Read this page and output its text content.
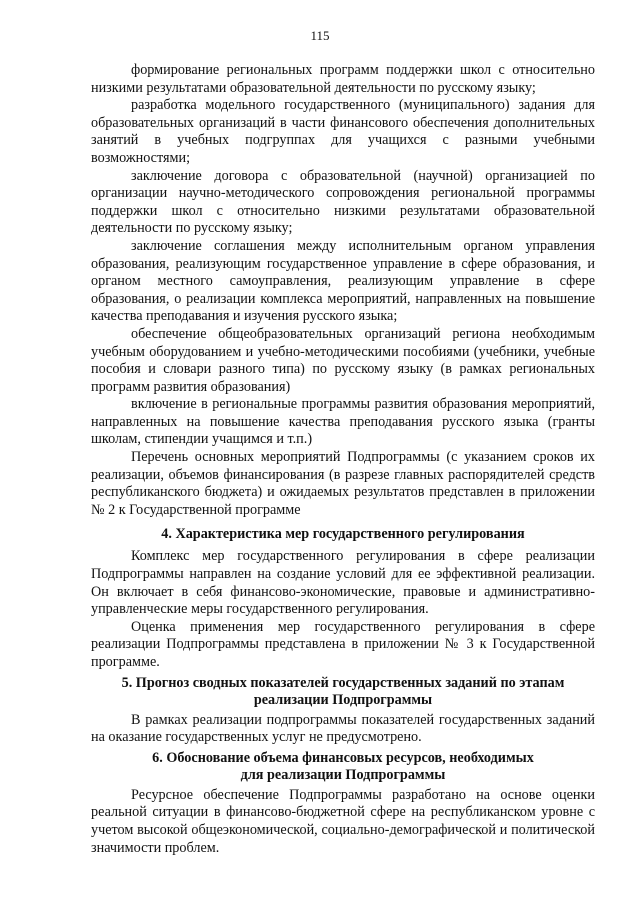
115

формирование региональных программ поддержки школ с относительно низкими результатами образовательной деятельности по русскому языку;

разработка модельного государственного (муниципального) задания для образовательных организаций в части финансового обеспечения дополнительных занятий в учебных подгруппах для учащихся с разными учебными возможностями;

заключение договора с образовательной (научной) организацией по организации научно-методического сопровождения региональной программы поддержки школ с относительно низкими результатами образовательной деятельности по русскому языку;

заключение соглашения между исполнительным органом управления образования, реализующим государственное управление в сфере образования, и органом местного самоуправления, реализующим управление в сфере образования, о реализации комплекса мероприятий, направленных на повышение качества преподавания и изучения русского языка;

обеспечение общеобразовательных организаций региона необходимым учебным оборудованием и учебно-методическими пособиями (учебники, учебные пособия и словари разного типа) по русскому языку (в рамках региональных программ развития образования)

включение в региональные программы развития образования мероприятий, направленных на повышение качества преподавания русского языка (гранты школам, стипендии учащимся и т.п.)

Перечень основных мероприятий Подпрограммы (с указанием сроков их реализации, объемов финансирования (в разрезе главных распорядителей средств республиканского бюджета) и ожидаемых результатов представлен в приложении № 2 к Государственной программе

4. Характеристика мер государственного регулирования

Комплекс мер государственного регулирования в сфере реализации Подпрограммы направлен на создание условий для ее эффективной реализации. Он включает в себя финансово-экономические, правовые и административно-управленческие меры государственного регулирования.

Оценка применения мер государственного регулирования в сфере реализации Подпрограммы представлена в приложении № 3 к Государственной программе.

5. Прогноз сводных показателей государственных заданий по этапам
реализации Подпрограммы

В рамках реализации подпрограммы показателей государственных заданий на оказание государственных услуг не предусмотрено.

6. Обоснование объема финансовых ресурсов, необходимых
для реализации Подпрограммы

Ресурсное обеспечение Подпрограммы разработано на основе оценки реальной ситуации в финансово-бюджетной сфере на республиканском уровне с учетом высокой общеэкономической, социально-демографической и политической значимости проблем.
